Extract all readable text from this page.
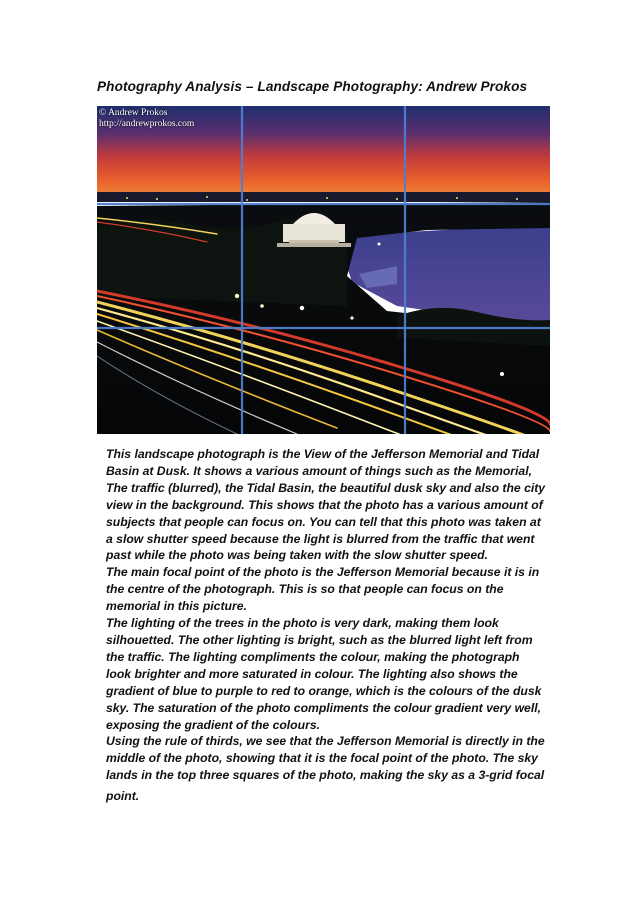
Photography Analysis – Landscape Photography: Andrew Prokos
© Andrew Prokos
http://andrewprokos.com

This landscape photograph is the View of the Jefferson Memorial and Tidal Basin at Dusk. It shows a various amount of things such as the Memorial, The traffic (blurred), the Tidal Basin, the beautiful dusk sky and also the city view in the background. This shows that the photo has a various amount of subjects that people can focus on. You can tell that this photo was taken at a slow shutter speed because the light is blurred from the traffic that went past while the photo was being taken with the slow shutter speed.

The main focal point of the photo is the Jefferson Memorial because it is in the centre of the photograph. This is so that people can focus on the memorial in this picture.

The lighting of the trees in the photo is very dark, making them look silhouetted. The other lighting is bright, such as the blurred light left from the traffic. The lighting compliments the colour, making the photograph look brighter and more saturated in colour. The lighting also shows the gradient of blue to purple to red to orange, which is the colours of the dusk sky. The saturation of the photo compliments the colour gradient very well, exposing the gradient of the colours.

Using the rule of thirds, we see that the Jefferson Memorial is directly in the middle of the photo, showing that it is the focal point of the photo. The sky lands in the top three squares of the photo, making the sky as a 3-grid focal

point.
